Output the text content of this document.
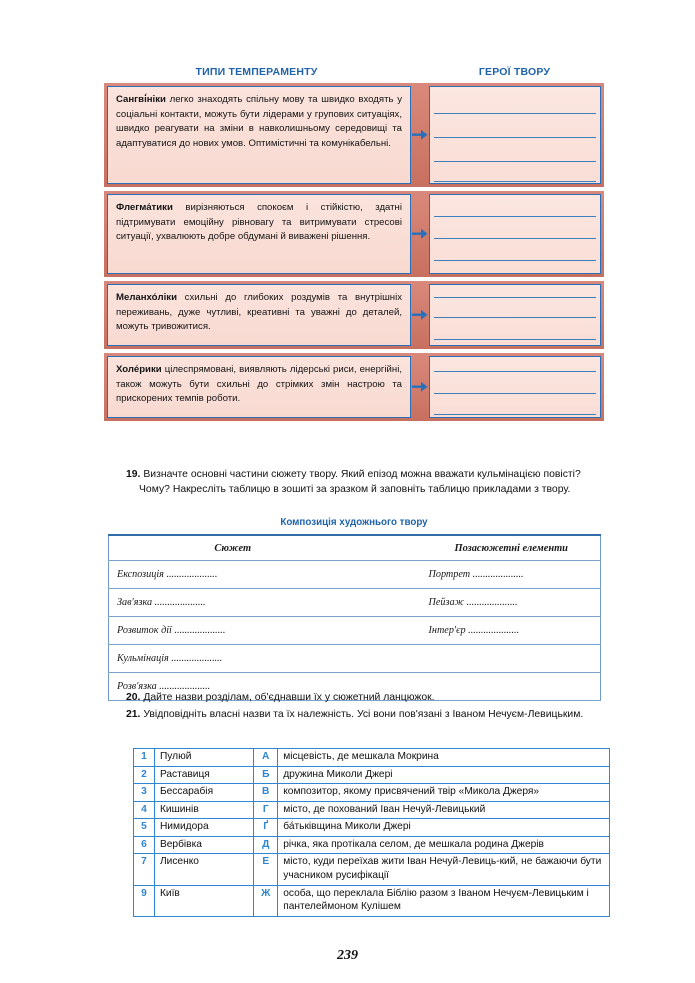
ТИПИ ТЕМПЕРАМЕНТУ	ГЕРОЇ ТВОРУ
Сангві́ніки легко знаходять спільну мову та швидко входять у соціальні контакти, можуть бути лідерами у групових ситуаціях, швидко реагувати на зміни в навколишньому середовищі та адаптуватися до нових умов. Оптимістичні та комунікабельні.
Флегма́тики вирізняються спокоєм і стійкістю, здатні підтримувати емоційну рівновагу та витримувати стресові ситуації, ухвалюють добре обдумані й виважені рішення.
Меланхо́ліки схильні до глибоких роздумів та внутрішніх переживань, дуже чутливі, креативні та уважні до деталей, можуть тривожитися.
Холе́рики цілеспрямовані, виявляють лідерські риси, енергійні, також можуть бути схильні до стрімких змін настрою та прискорених темпів роботи.
19. Визначте основні частини сюжету твору. Який епізод можна вважати кульмінацією повісті? Чому? Накресліть таблицю в зошиті за зразком й заповніть таблицю прикладами з твору.
Композиція художнього твору
Сюжет	Позасюжетні елементи
Експозиція ....................	Портрет ....................
Зав'язка ....................	Пейзаж ....................
Розвиток дії ....................	Інтер'єр ....................
Кульмінація ....................	
Розв'язка ....................	
20. Дайте назви розділам, об'єднавши їх у сюжетний ланцюжок.
21. Увідповідніть власні назви та їх належність. Усі вони пов'язані з Іваном Нечуєм-Левицьким.
1	Пулюй	А	місцевість, де мешкала Мокрина
2	Раставиця	Б	дружина Миколи Джері
3	Бессарабія	В	композитор, якому присвячений твір «Микола Джеря»
4	Кишинів	Г	місто, де похований Іван Нечуй-Левицький
5	Нимидора	Ґ	ба́тьківщина Миколи Джері
6	Вербівка	Д	річка, яка протікала селом, де мешкала родина Джерів
7	Лисенко	Е	місто, куди переїхав жити Іван Нечуй-Левиць-кий, не бажаючи бути учасником русифікації
9	Київ	Ж	особа, що переклала Біблію разом з Іваном Нечуєм-Левицьким і пантелеймоном Кулішем
239
